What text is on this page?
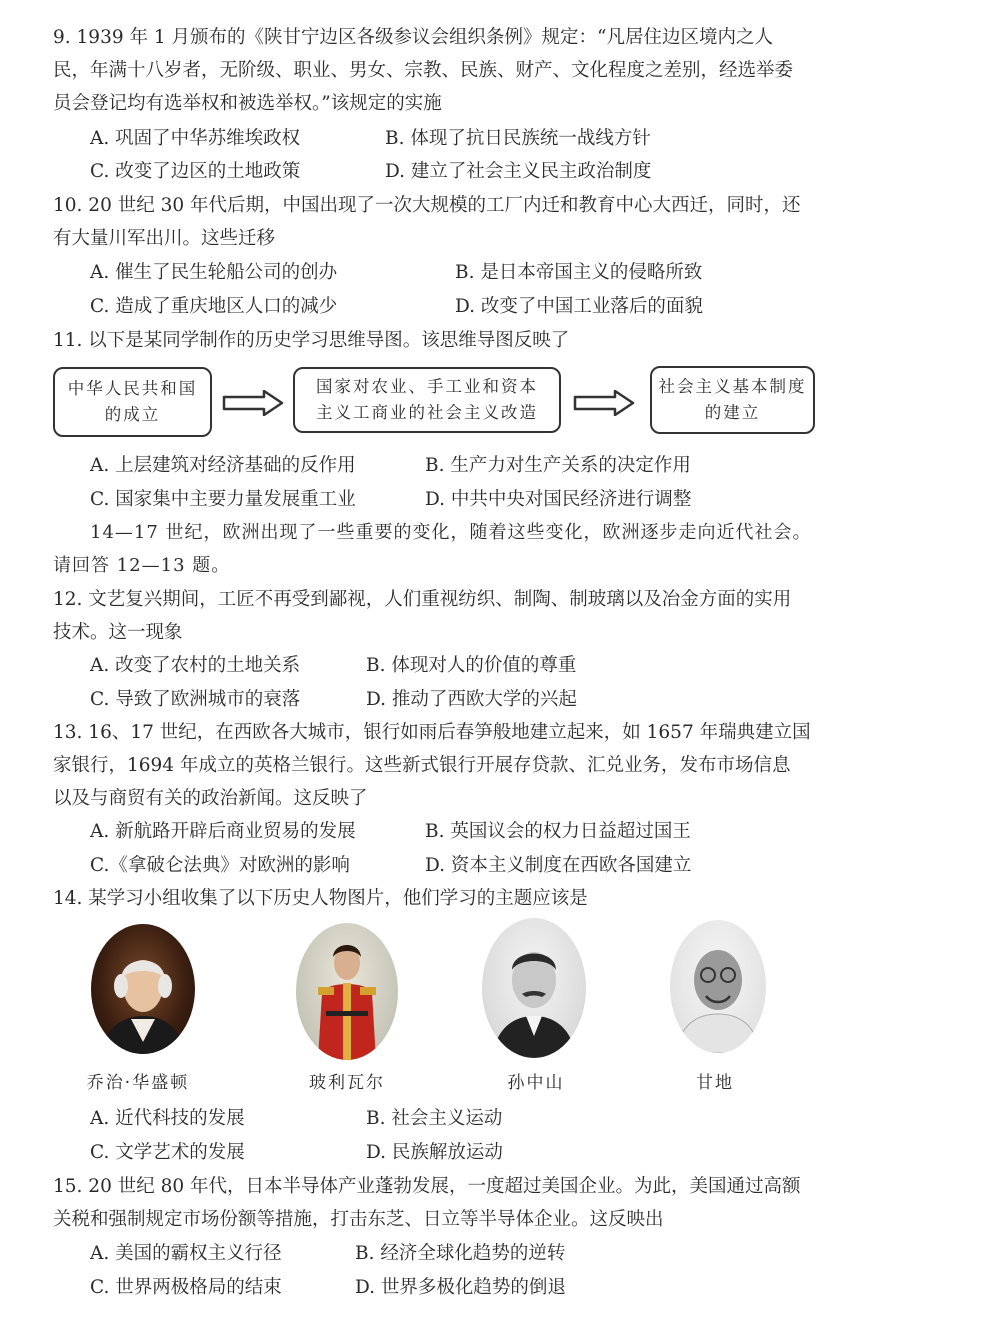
9. 1939 年 1 月颁布的《陕甘宁边区各级参议会组织条例》规定：“凡居住边区境内之人
民，年满十八岁者，无阶级、职业、男女、宗教、民族、财产、文化程度之差别，经选举委
员会登记均有选举权和被选举权。”该规定的实施
A. 巩固了中华苏维埃政权	B. 体现了抗日民族统一战线方针
C. 改变了边区的土地政策	D. 建立了社会主义民主政治制度
10. 20 世纪 30 年代后期，中国出现了一次大规模的工厂内迁和教育中心大西迁，同时，还
有大量川军出川。这些迁移
A. 催生了民生轮船公司的创办	B. 是日本帝国主义的侵略所致
C. 造成了重庆地区人口的减少	D. 改变了中国工业落后的面貌
11. 以下是某同学制作的历史学习思维导图。该思维导图反映了
中华人民共和国
的成立
国家对农业、手工业和资本
主义工商业的社会主义改造
社会主义基本制度
的建立
A. 上层建筑对经济基础的反作用	B. 生产力对生产关系的决定作用
C. 国家集中主要力量发展重工业	D. 中共中央对国民经济进行调整
14—17 世纪，欧洲出现了一些重要的变化，随着这些变化，欧洲逐步走向近代社会。
请回答 12—13 题。
12. 文艺复兴期间，工匠不再受到鄙视，人们重视纺织、制陶、制玻璃以及冶金方面的实用
技术。这一现象
A. 改变了农村的土地关系	B. 体现对人的价值的尊重
C. 导致了欧洲城市的衰落	D. 推动了西欧大学的兴起
13. 16、17 世纪，在西欧各大城市，银行如雨后春笋般地建立起来，如 1657 年瑞典建立国
家银行，1694 年成立的英格兰银行。这些新式银行开展存贷款、汇兑业务，发布市场信息
以及与商贸有关的政治新闻。这反映了
A. 新航路开辟后商业贸易的发展	B. 英国议会的权力日益超过国王
C.《拿破仑法典》对欧洲的影响	D. 资本主义制度在西欧各国建立
14. 某学习小组收集了以下历史人物图片，他们学习的主题应该是
乔治·华盛顿	玻利瓦尔	孙中山	甘地
A. 近代科技的发展	B. 社会主义运动
C. 文学艺术的发展	D. 民族解放运动
15. 20 世纪 80 年代，日本半导体产业蓬勃发展，一度超过美国企业。为此，美国通过高额
关税和强制规定市场份额等措施，打击东芝、日立等半导体企业。这反映出
A. 美国的霸权主义行径	B. 经济全球化趋势的逆转
C. 世界两极格局的结束	D. 世界多极化趋势的倒退
